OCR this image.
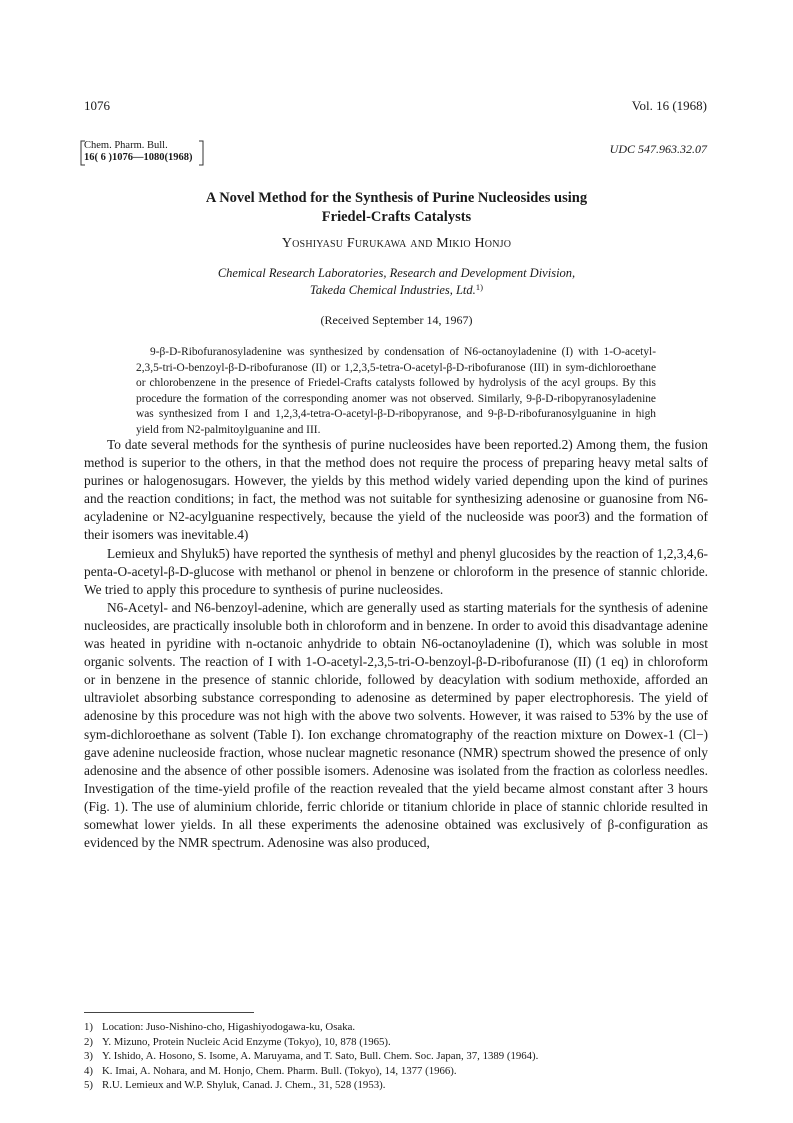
1076	Vol. 16 (1968)
Chem. Pharm. Bull.
16( 6 )1076—1080(1968)
UDC 547.963.32.07
A Novel Method for the Synthesis of Purine Nucleosides using
Friedel-Crafts Catalysts
Yoshiyasu Furukawa and Mikio Honjo
Chemical Research Laboratories, Research and Development Division,
Takeda Chemical Industries, Ltd.$^{1)}$
(Received September 14, 1967)
9-β-D-Ribofuranosyladenine was synthesized by condensation of N6-octanoyladenine (I) with 1-O-acetyl-2,3,5-tri-O-benzoyl-β-D-ribofuranose (II) or 1,2,3,5-tetra-O-acetyl-β-D-ribofuranose (III) in sym-dichloroethane or chlorobenzene in the presence of Friedel-Crafts catalysts followed by hydrolysis of the acyl groups. By this procedure the formation of the corresponding anomer was not observed. Similarly, 9-β-D-ribopyranosyladenine was synthesized from I and 1,2,3,4-tetra-O-acetyl-β-D-ribopyranose, and 9-β-D-ribofuranosylguanine in high yield from N2-palmitoylguanine and III.

To date several methods for the synthesis of purine nucleosides have been reported.2) Among them, the fusion method is superior to the others, in that the method does not require the process of preparing heavy metal salts of purines or halogenosugars. However, the yields by this method widely varied depending upon the kind of purines and the reaction conditions; in fact, the method was not suitable for synthesizing adenosine or guanosine from N6-acyladenine or N2-acylguanine respectively, because the yield of the nucleoside was poor3) and the formation of their isomers was inevitable.4)

Lemieux and Shyluk5) have reported the synthesis of methyl and phenyl glucosides by the reaction of 1,2,3,4,6-penta-O-acetyl-β-D-glucose with methanol or phenol in benzene or chloroform in the presence of stannic chloride. We tried to apply this procedure to synthesis of purine nucleosides.

N6-Acetyl- and N6-benzoyl-adenine, which are generally used as starting materials for the synthesis of adenine nucleosides, are practically insoluble both in chloroform and in benzene. In order to avoid this disadvantage adenine was heated in pyridine with n-octanoic anhydride to obtain N6-octanoyladenine (I), which was soluble in most organic solvents. The reaction of I with 1-O-acetyl-2,3,5-tri-O-benzoyl-β-D-ribofuranose (II) (1 eq) in chloroform or in benzene in the presence of stannic chloride, followed by deacylation with sodium methoxide, afforded an ultraviolet absorbing substance corresponding to adenosine as determined by paper electrophoresis. The yield of adenosine by this procedure was not high with the above two solvents. However, it was raised to 53% by the use of sym-dichloroethane as solvent (Table I). Ion exchange chromatography of the reaction mixture on Dowex-1 (Cl−) gave adenine nucleoside fraction, whose nuclear magnetic resonance (NMR) spectrum showed the presence of only adenosine and the absence of other possible isomers. Adenosine was isolated from the fraction as colorless needles. Investigation of the time-yield profile of the reaction revealed that the yield became almost constant after 3 hours (Fig. 1). The use of aluminium chloride, ferric chloride or titanium chloride in place of stannic chloride resulted in somewhat lower yields. In all these experiments the adenosine obtained was exclusively of β-configuration as evidenced by the NMR spectrum. Adenosine was also produced,

1) Location: Juso-Nishino-cho, Higashiyodogawa-ku, Osaka.
2) Y. Mizuno, Protein Nucleic Acid Enzyme (Tokyo), 10, 878 (1965).
3) Y. Ishido, A. Hosono, S. Isome, A. Maruyama, and T. Sato, Bull. Chem. Soc. Japan, 37, 1389 (1964).
4) K. Imai, A. Nohara, and M. Honjo, Chem. Pharm. Bull. (Tokyo), 14, 1377 (1966).
5) R.U. Lemieux and W.P. Shyluk, Canad. J. Chem., 31, 528 (1953).
